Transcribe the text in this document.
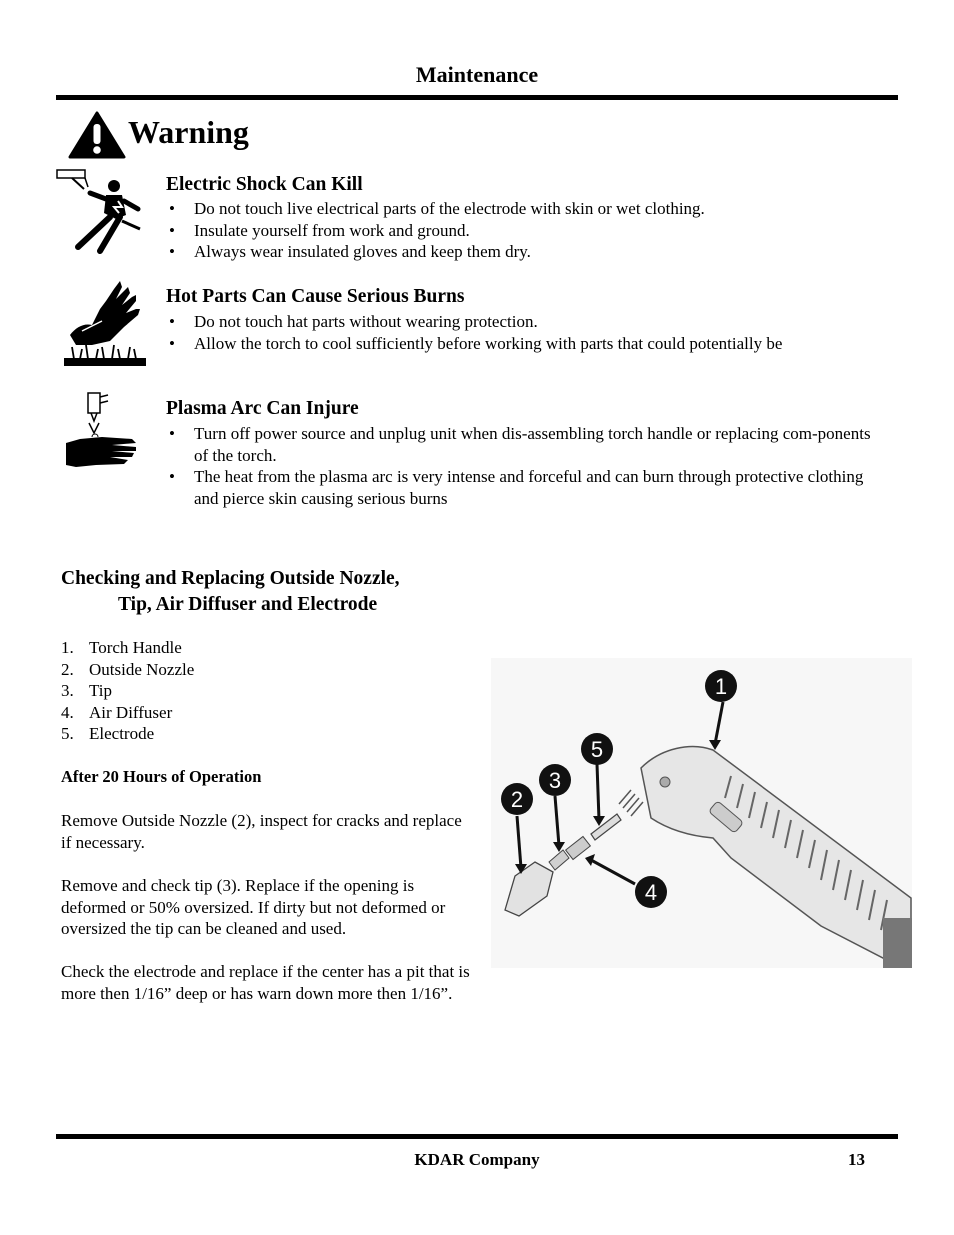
Maintenance
Warning
Electric Shock Can Kill
• Do not touch live electrical parts of the electrode with skin or wet clothing.
• Insulate yourself from work and ground.
• Always wear insulated gloves and keep them dry.
Hot Parts Can Cause Serious Burns
• Do not touch hat parts without wearing protection.
• Allow the torch to cool sufficiently before working with parts that could potentially be
Plasma Arc Can Injure
• Turn off power source and unplug unit when dis-assembling torch handle or replacing com-ponents of the torch.
• The heat from the plasma arc is very intense and forceful and can burn through protective clothing and pierce skin causing serious burns
Checking and Replacing Outside Nozzle,
Tip, Air Diffuser and Electrode
1. Torch Handle
2. Outside Nozzle
3. Tip
4. Air Diffuser
5. Electrode
After 20 Hours of Operation
Remove Outside Nozzle (2), inspect for cracks and replace if necessary.
Remove and check tip (3). Replace if the opening is deformed or 50% oversized. If dirty but not deformed or oversized the tip can be cleaned and used.
Check the electrode and replace if the center has a pit that is more then 1/16” deep or has warn down more then 1/16”.
1
5
3
2
4
KDAR Company	13
